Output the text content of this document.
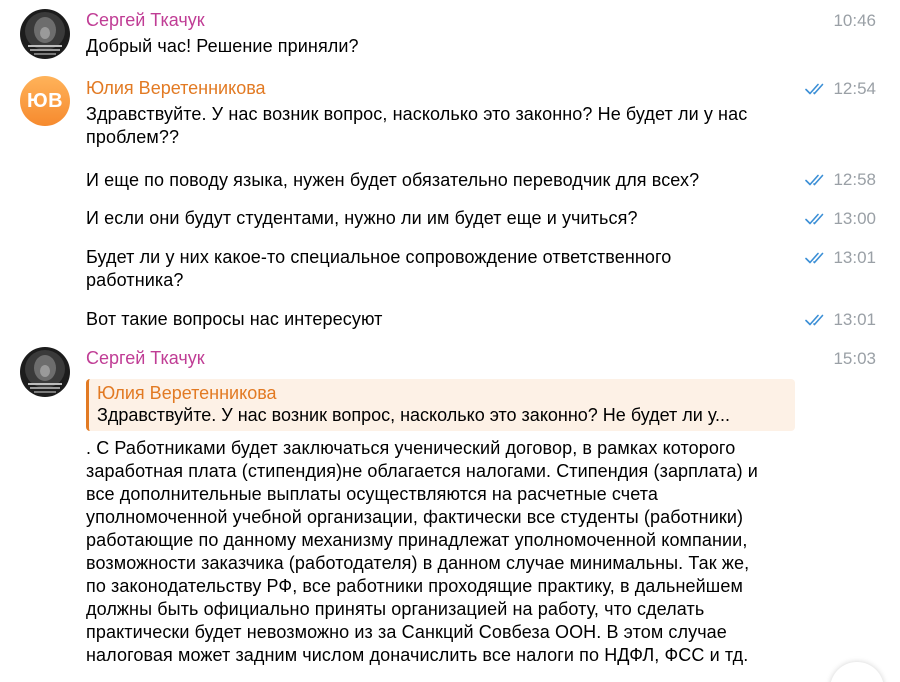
Сергей Ткачук	10:46
Добрый час! Решение приняли?
ЮВ
Юлия Веретенникова	12:54
Здравствуйте. У нас возник вопрос, насколько это законно? Не будет ли у нас
проблем??
12:58
И еще по поводу языка, нужен будет обязательно переводчик для всех?
13:00
И если они будут студентами, нужно ли им будет еще и учиться?
13:01
Будет ли у них какое-то специальное сопровождение ответственного
работника?
13:01
Вот такие вопросы нас интересуют
Сергей Ткачук	15:03
Юлия Веретенникова
Здравствуйте. У нас возник вопрос, насколько это законно? Не будет ли у...
. С Работниками будет заключаться ученический договор, в рамках которого
заработная плата (стипендия)не облагается налогами. Стипендия (зарплата) и
все дополнительные выплаты осуществляются на расчетные счета
уполномоченной учебной организации, фактически все студенты (работники)
работающие по данному механизму принадлежат уполномоченной компании,
возможности заказчика (работодателя) в данном случае минимальны. Так же,
по законодательству РФ, все работники проходящие практику, в дальнейшем
должны быть официально приняты организацией на работу, что сделать
практически будет невозможно из за Санкций Совбеза ООН. В этом случае
налоговая может задним числом доначислить все налоги по НДФЛ, ФСС и тд.
